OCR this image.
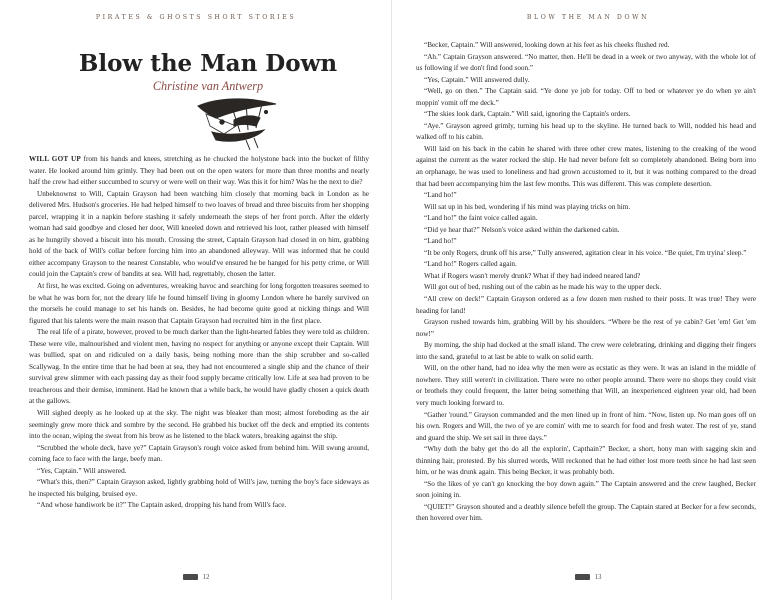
PIRATES & GHOSTS SHORT STORIES
Blow the Man Down
Christine van Antwerp

WILL GOT UP from his hands and knees, stretching as he chucked the holystone back into the bucket of filthy water. He looked around him grimly. They had been out on the open waters for more than three months and nearly half the crew had either succumbed to scurvy or were well on their way. Was this it for him? Was he the next to die?

Unbeknownst to Will, Captain Grayson had been watching him closely that morning back in London as he delivered Mrs. Hudson's groceries. He had helped himself to two loaves of bread and three biscuits from her shopping parcel, wrapping it in a napkin before stashing it safely underneath the steps of her front porch. After the elderly woman had said goodbye and closed her door, Will kneeled down and retrieved his loot, rather pleased with himself as he hungrily shoved a biscuit into his mouth. Crossing the street, Captain Grayson had closed in on him, grabbing hold of the back of Will's collar before forcing him into an abandoned alleyway. Will was informed that he could either accompany Grayson to the nearest Constable, who would've ensured he be hanged for his petty crime, or Will could join the Captain's crew of bandits at sea. Will had, regrettably, chosen the latter.

At first, he was excited. Going on adventures, wreaking havoc and searching for long forgotten treasures seemed to be what he was born for, not the dreary life he found himself living in gloomy London where he barely survived on the morsels he could manage to set his hands on. Besides, he had become quite good at nicking things and Will figured that his talents were the main reason that Captain Grayson had recruited him in the first place.

The real life of a pirate, however, proved to be much darker than the light-hearted fables they were told as children. These were vile, malnourished and violent men, having no respect for anything or anyone except their Captain. Will was bullied, spat on and ridiculed on a daily basis, being nothing more than the ship scrubber and so-called Scallywag. In the entire time that he had been at sea, they had not encountered a single ship and the chance of their survival grew slimmer with each passing day as their food supply became critically low. Life at sea had proven to be treacherous and their demise, imminent. Had he known that a while back, he would have gladly chosen a quick death at the gallows.

Will sighed deeply as he looked up at the sky. The night was bleaker than most; almost foreboding as the air seemingly grew more thick and sombre by the second. He grabbed his bucket off the deck and emptied its contents into the ocean, wiping the sweat from his brow as he listened to the black waters, breaking against the ship.

“Scrubbed the whole deck, have ye?” Captain Grayson's rough voice asked from behind him. Will swung around, coming face to face with the large, beefy man.

“Yes, Captain.” Will answered.

“What's this, then?” Captain Grayson asked, lightly grabbing hold of Will's jaw, turning the boy's face sideways as he inspected his bulging, bruised eye.

“And whose handiwork be it?” The Captain asked, dropping his hand from Will's face.

12
BLOW THE MAN DOWN

“Becker, Captain.” Will answered, looking down at his feet as his cheeks flushed red.

“Ah.” Captain Grayson answered. “No matter, then. He'll be dead in a week or two anyway, with the whole lot of us following if we don't find food soon.”

“Yes, Captain.” Will answered dully.

“Well, go on then.” The Captain said. “Ye done ye job for today. Off to bed or whatever ye do when ye ain't moppin' vomit off me deck.”

“The skies look dark, Captain.” Will said, ignoring the Captain's orders.

“Aye.” Grayson agreed grimly, turning his head up to the skyline. He turned back to Will, nodded his head and walked off to his cabin.

Will laid on his back in the cabin he shared with three other crew mates, listening to the creaking of the wood against the current as the water rocked the ship. He had never before felt so completely abandoned. Being born into an orphanage, he was used to loneliness and had grown accustomed to it, but it was nothing compared to the dread that had been accompanying him the last few months. This was different. This was complete desertion.

“Land ho!”

Will sat up in his bed, wondering if his mind was playing tricks on him.

“Land ho!” the faint voice called again.

“Did ye hear that?” Nelson's voice asked within the darkened cabin.

“Land ho!”

“It be only Rogers, drunk off his arse,” Tully answered, agitation clear in his voice. “Be quiet, I'm tryina' sleep.”

“Land ho!” Rogers called again.

What if Rogers wasn't merely drunk? What if they had indeed neared land?

Will got out of bed, rushing out of the cabin as he made his way to the upper deck.

“All crew on deck!” Captain Grayson ordered as a few dozen men rushed to their posts. It was true! They were heading for land!

Grayson rushed towards him, grabbing Will by his shoulders. “Where be the rest of ye cabin? Get 'em! Get 'em now!”

By morning, the ship had docked at the small island. The crew were celebrating, drinking and digging their fingers into the sand, grateful to at last be able to walk on solid earth.

Will, on the other hand, had no idea why the men were as ecstatic as they were. It was an island in the middle of nowhere. They still weren't in civilization. There were no other people around. There were no shops they could visit or brothels they could frequent, the latter being something that Will, an inexperienced eighteen year old, had been very much looking forward to.

“Gather 'round.” Grayson commanded and the men lined up in front of him. “Now, listen up. No man goes off on his own. Rogers and Will, the two of ye are comin' with me to search for food and fresh water. The rest of ye, stand and guard the ship. We set sail in three days.”

“Why doth the baby get tho do all the explorin', Capthain?” Becker, a short, hony man with sagging skin and thinning hair, protested. By his slurred words, Will reckoned that he had either lost more teeth since he had last seen him, or he was drunk again. This being Becker, it was probably both.

“So the likes of ye can't go knocking the boy down again.” The Captain answered and the crew laughed, Becker soon joining in.

“QUIET!” Grayson shouted and a deathly silence befell the group. The Captain stared at Becker for a few seconds, then hovered over him.

13
